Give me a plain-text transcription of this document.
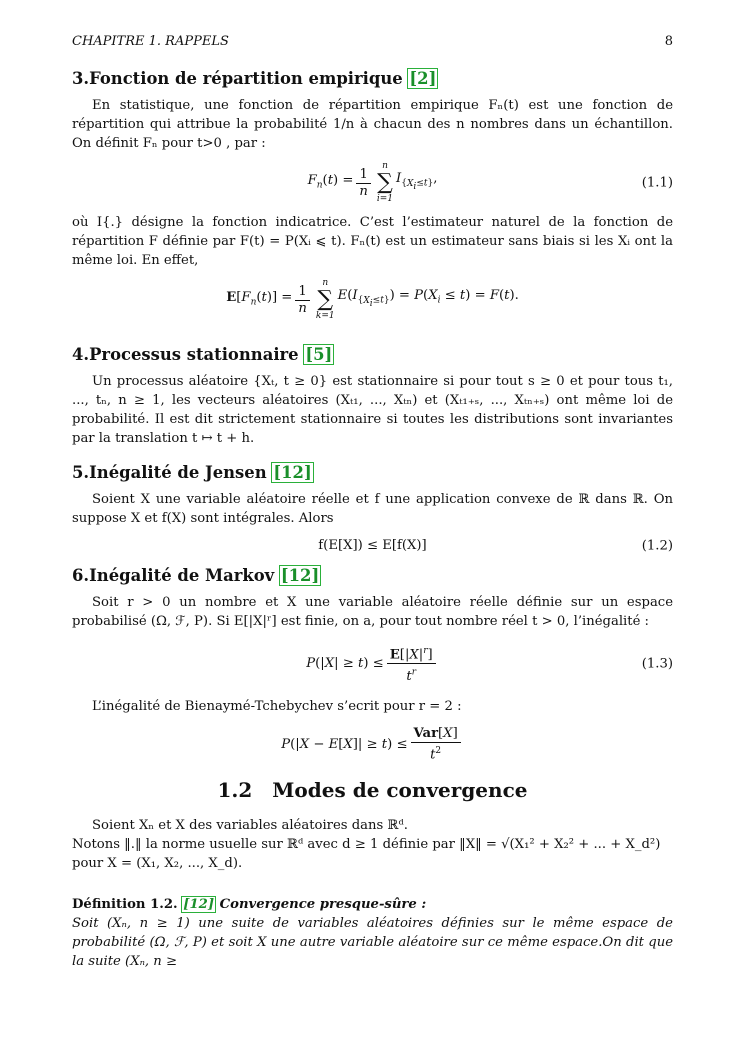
CHAPITRE 1. RAPPELS	8
3.Fonction de répartition empirique [2]

En statistique, une fonction de répartition empirique Fₙ(t) est une fonction de répartition qui attribue la probabilité 1/n à chacun des n nombres dans un échantillon. On définit Fₙ pour t>0 , par :

$F_n(t) = \frac{1}{n}$
n
∑
i=1
$I_{\{X_i\le t\}}$,	(1.1)

où I{.} désigne la fonction indicatrice. C’est l’estimateur naturel de la fonction de répartition F définie par F(t) = P(Xᵢ ⩽ t). Fₙ(t) est un estimateur sans biais si les Xᵢ ont la même loi. En effet,

$E[F_n(t)] = \frac{1}{n}$
n
∑
k=1
$E(I_{\{X_i\le t\}}) = P(X_i \le t) = F(t)$.
4.Processus stationnaire [5]

Un processus aléatoire {Xₜ, t ≥ 0} est stationnaire si pour tout s ≥ 0 et pour tous t₁, ..., tₙ, n ≥ 1, les vecteurs aléatoires (Xₜ₁, ..., Xₜₙ) et (Xₜ₁₊ₛ, ..., Xₜₙ₊ₛ) ont même loi de probabilité. Il est dit strictement stationnaire si toutes les distributions sont invariantes par la translation t ↦ t + h.

5.Inégalité de Jensen [12]

Soient X une variable aléatoire réelle et f une application convexe de ℝ dans ℝ. On suppose X et f(X) sont intégrales. Alors

f(E[X]) ≤ E[f(X)]	(1.2)
6.Inégalité de Markov [12]

Soit r > 0 un nombre et X une variable aléatoire réelle définie sur un espace probabilisé (Ω, ℱ, P). Si E[|X|ʳ] est finie, on a, pour tout nombre réel t > 0, l’inégalité :

$P(|X| \ge t) \le \frac{E[|X|^r]}{t^r}$	(1.3)

L’inégalité de Bienaymé-Tchebychev s’ecrit pour r = 2 :

$P(|X - E[X]| \ge t) \le \frac{\text{Var[X]}}{t^2}$
1.2 Modes de convergence

Soient Xₙ et X des variables aléatoires dans ℝᵈ.

Notons ‖.‖ la norme usuelle sur ℝᵈ avec d ≥ 1 définie par ‖X‖ = √(X₁² + X₂² + ... + X_d²)

pour X = (X₁, X₂, ..., X_d).

Définition 1.2. [12] Convergence presque-sûre :

Soit (Xₙ, n ≥ 1) une suite de variables aléatoires définies sur le même espace de probabilité (Ω, ℱ, P) et soit X une autre variable aléatoire sur ce même espace.On dit que la suite (Xₙ, n ≥
